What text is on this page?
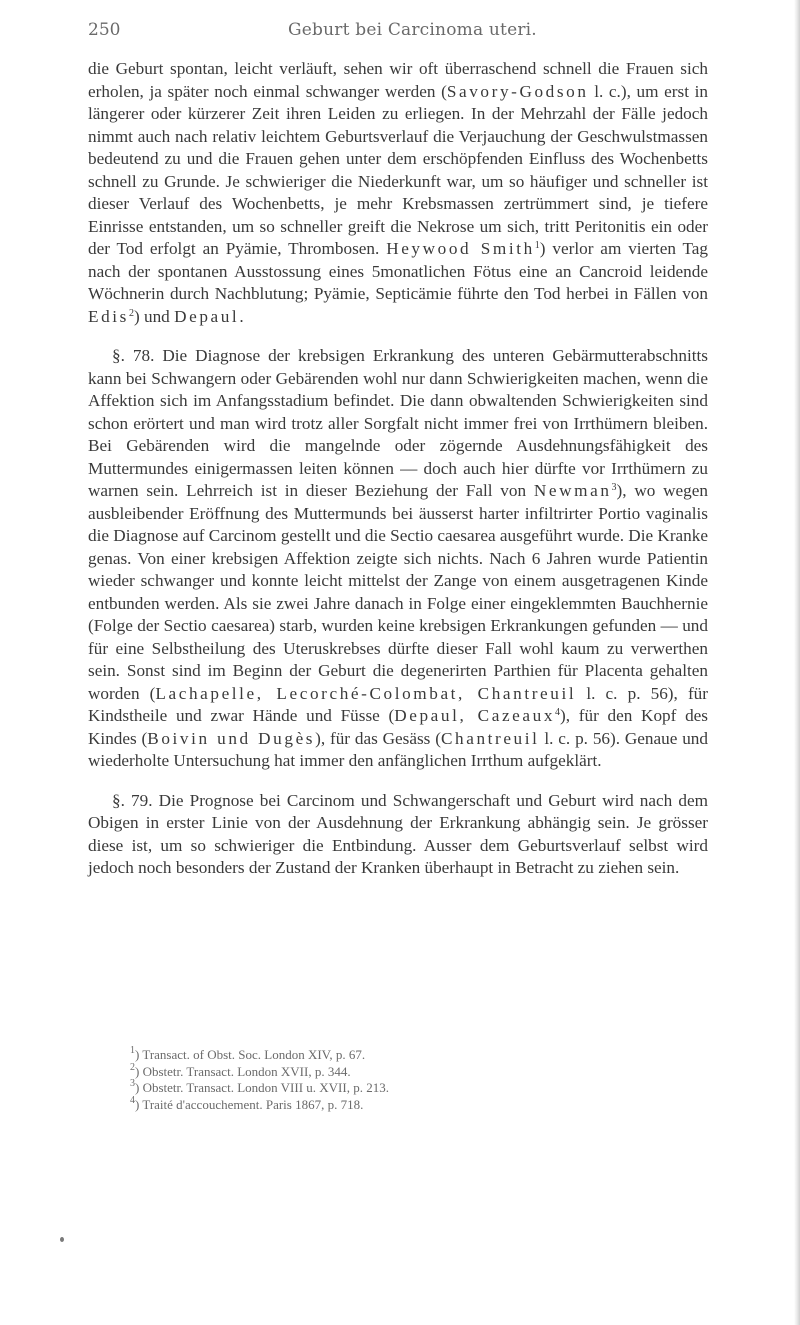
250	Geburt bei Carcinoma uteri.

die Geburt spontan, leicht verläuft, sehen wir oft überraschend schnell die Frauen sich erholen, ja später noch einmal schwanger werden (Savory-Godson l. c.), um erst in längerer oder kürzerer Zeit ihren Leiden zu erliegen. In der Mehrzahl der Fälle jedoch nimmt auch nach relativ leichtem Geburtsverlauf die Verjauchung der Geschwulstmassen bedeutend zu und die Frauen gehen unter dem erschöpfenden Einfluss des Wochenbetts schnell zu Grunde. Je schwieriger die Niederkunft war, um so häufiger und schneller ist dieser Verlauf des Wochenbetts, je mehr Krebsmassen zertrümmert sind, je tiefere Einrisse entstanden, um so schneller greift die Nekrose um sich, tritt Peritonitis ein oder der Tod erfolgt an Pyämie, Thrombosen. Heywood Smith$^1$) verlor am vierten Tag nach der spontanen Ausstossung eines 5monatlichen Fötus eine an Cancroid leidende Wöchnerin durch Nachblutung; Pyämie, Septicämie führte den Tod herbei in Fällen von Edis$^2$) und Depaul.

§. 78. Die Diagnose der krebsigen Erkrankung des unteren Gebärmutterabschnitts kann bei Schwangern oder Gebärenden wohl nur dann Schwierigkeiten machen, wenn die Affektion sich im Anfangsstadium befindet. Die dann obwaltenden Schwierigkeiten sind schon erörtert und man wird trotz aller Sorgfalt nicht immer frei von Irrthümern bleiben. Bei Gebärenden wird die mangelnde oder zögernde Ausdehnungsfähigkeit des Muttermundes einigermassen leiten können — doch auch hier dürfte vor Irrthümern zu warnen sein. Lehrreich ist in dieser Beziehung der Fall von Newman$^3$), wo wegen ausbleibender Eröffnung des Muttermunds bei äusserst harter infiltrirter Portio vaginalis die Diagnose auf Carcinom gestellt und die Sectio caesarea ausgeführt wurde. Die Kranke genas. Von einer krebsigen Affektion zeigte sich nichts. Nach 6 Jahren wurde Patientin wieder schwanger und konnte leicht mittelst der Zange von einem ausgetragenen Kinde entbunden werden. Als sie zwei Jahre danach in Folge einer eingeklemmten Bauchhernie (Folge der Sectio caesarea) starb, wurden keine krebsigen Erkrankungen gefunden — und für eine Selbstheilung des Uteruskrebses dürfte dieser Fall wohl kaum zu verwerthen sein. Sonst sind im Beginn der Geburt die degenerirten Parthien für Placenta gehalten worden (Lachapelle, Lecorché-Colombat, Chantreuil l. c. p. 56), für Kindstheile und zwar Hände und Füsse (Depaul, Cazeaux$^4$), für den Kopf des Kindes (Boivin und Dugès), für das Gesäss (Chantreuil l. c. p. 56). Genaue und wiederholte Untersuchung hat immer den anfänglichen Irrthum aufgeklärt.

§. 79. Die Prognose bei Carcinom und Schwangerschaft und Geburt wird nach dem Obigen in erster Linie von der Ausdehnung der Erkrankung abhängig sein. Je grösser diese ist, um so schwieriger die Entbindung. Ausser dem Geburtsverlauf selbst wird jedoch noch besonders der Zustand der Kranken überhaupt in Betracht zu ziehen sein.

$^1$) Transact. of Obst. Soc. London XIV, p. 67.

$^2$) Obstetr. Transact. London XVII, p. 344.

$^3$) Obstetr. Transact. London VIII u. XVII, p. 213.

$^4$) Traité d'accouchement. Paris 1867, p. 718.
